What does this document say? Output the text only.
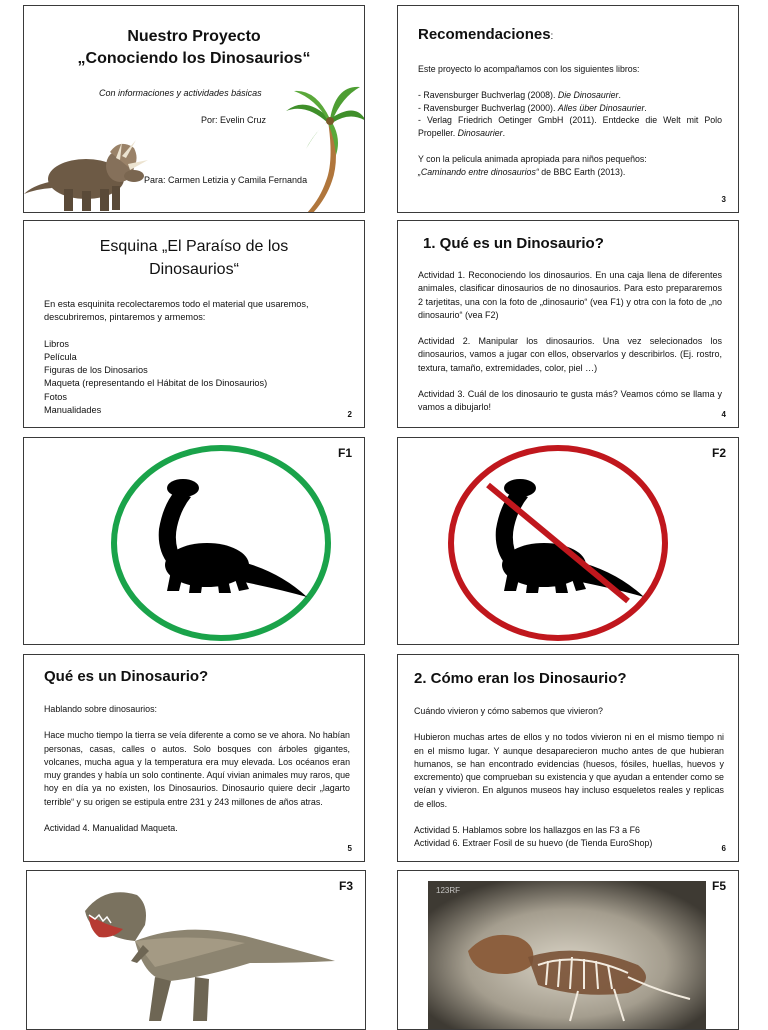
Nuestro Proyecto
„Conociendo los Dinosaurios“
Con informaciones y actividades básicas
Por: Evelin Cruz
Para: Carmen Letizia y Camila Fernanda
Recomendaciones:

Este proyecto lo acompañamos con los siguientes libros:

- Ravensburger Buchverlag (2008). Die Dinosaurier.

- Ravensburger Buchverlag (2000). Alles über Dinosaurier.

- Verlag Friedrich Oetinger GmbH (2011). Entdecke die Welt mit Polo Propeller. Dinosaurier.

Y con la pelicula animada apropiada para niños pequeños:

„Caminando entre dinosaurios“ de BBC Earth (2013).

3
Esquina „El Paraíso de los
Dinosaurios“

En esta esquinita recolectaremos todo el material que usaremos, descubriremos, pintaremos y armemos:

Libros

Película

Figuras de los Dinosarios

Maqueta (representando el Hábitat de los Dinosaurios)

Fotos

Manualidades	2
1. Qué es un Dinosaurio?

Actividad 1. Reconociendo los dinosaurios. En una caja llena de diferentes animales, clasificar dinosaurios de no dinosaurios. Para esto prepararemos 2 tarjetitas, una con la foto de „dinosaurio“ (vea F1) y otra con la foto de „no dinosaurio“ (vea F2)

Actividad 2. Manipular los dinosaurios. Una vez selecionados los dinosaurios, vamos a jugar con ellos, observarlos y describirlos. (Ej. rostro, textura, tamaño, extremidades, color, piel …)

Actividad 3. Cuál de los dinosaurio te gusta más? Veamos cómo se llama y vamos a dibujarlo!

4
F1	F2
Qué es un Dinosaurio?

Hablando sobre dinosaurios:

Hace mucho tiempo la tierra se veía diferente a como se ve ahora. No habían personas, casas, calles o autos. Solo bosques con árboles gigantes, volcanes, mucha agua y la temperatura era muy elevada. Los océanos eran muy grandes y había un solo continente. Aquí vivian animales muy raros, que hoy en día ya no existen, los Dinosaurios. Dinosaurio quiere decir „lagarto terrible“ y su origen se estipula entre 231 y 243 millones de años atras.

Actividad 4. Manualidad Maqueta.

5
2. Cómo eran los Dinosaurio?

Cuándo vivieron y cómo sabemos que vivieron?

Hubieron muchas artes de ellos y no todos vivieron ni en el mismo tiempo ni en el mismo lugar. Y aunque desaparecieron mucho antes de que hubieran humanos, se han encontrado evidencias (huesos, fósiles, huellas, huevos y excremento) que comprueban su existencia y que ayudan a entender como se veían y vivieron. En algunos museos hay incluso esqueletos reales y replicas de ellos.

Actividad 5. Hablamos sobre los hallazgos en las F3 a F6

Actividad 6. Extraer Fosil de su huevo (de Tienda EuroShop)

6
F3	F5
123RF
